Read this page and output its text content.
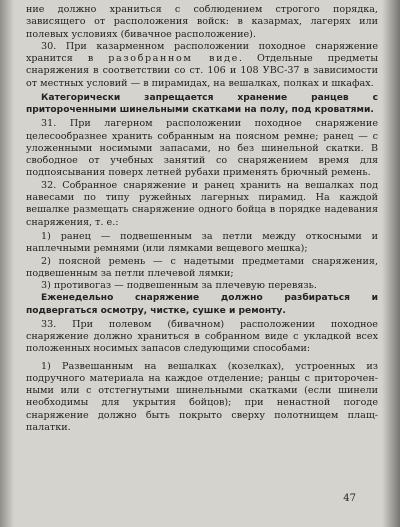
ние должно храниться с соблюдением строгого порядка, зависящего от расположения войск: в казармах, лагерях или полевых условиях (бивачное расположение).

30. При казарменном расположении походное снаряжение хранится в разобранном виде. Отдельные предметы снаряжения в соответствии со ст. 106 и 108 УВС-37 в зависимости от местных условий — в пирамидах, на вешалках, полках и шкафах.

Категорически запрещается хранение ранцев с притороченными шинельными скатками на полу, под кроватями.

31. При лагерном расположении походное снаряжение целесообразнее хранить собранным на поясном ремне; ранец — с уложенными носимыми запасами, но без шинельной скатки. В свободное от учебных занятий со снаряжением время для подпоясывания поверх летней рубахи применять брючный ремень.

32. Собранное снаряжение и ранец хранить на вешалках под навесами по типу ружейных лагерных пирамид. На каждой вешалке размещать снаряжение одного бойца в порядке надевания снаряжения, т. е.:

1) ранец — подвешенным за петли между откосными и наплечными ремнями (или лямками вещевого мешка);

2) поясной ремень — с надетыми предметами снаряжения, подвешенным за петли плечевой лямки;

3) противогаз — подвешенным за плечевую перевязь.

Еженедельно снаряжение должно разбираться и подвергаться осмотру, чистке, сушке и ремонту.

33. При полевом (бивачном) расположении походное снаряжение должно храниться в собранном виде с укладкой всех положенных носимых запасов следующими способами:

1) Развешанным на вешалках (козелках), устроенных из подручного материала на каждое отделение; ранцы с притороченными или с отстегнутыми шинельными скатками (если шинели необходимы для укрытия бойцов); при ненастной погоде снаряжение должно быть покрыто сверху полотнищем плащ-палатки.

47
